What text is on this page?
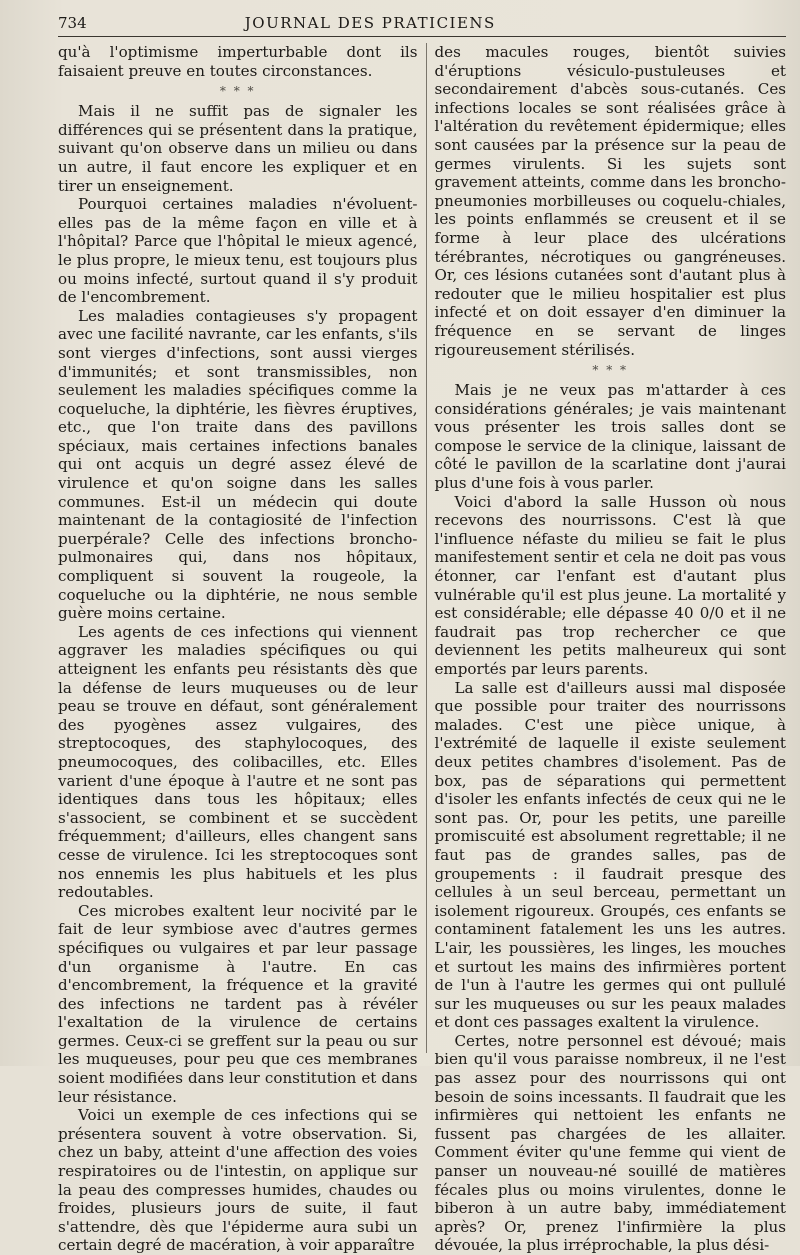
734	JOURNAL DES PRATICIENS

qu'à l'optimisme imperturbable dont ils faisaient preuve en toutes circonstances.

* * *

Mais il ne suffit pas de signaler les différences qui se présentent dans la pratique, suivant qu'on observe dans un milieu ou dans un autre, il faut encore les expliquer et en tirer un enseignement.

Pourquoi certaines maladies n'évoluent-elles pas de la même façon en ville et à l'hôpital? Parce que l'hôpital le mieux agencé, le plus propre, le mieux tenu, est toujours plus ou moins infecté, surtout quand il s'y produit de l'encombrement.

Les maladies contagieuses s'y propagent avec une facilité navrante, car les enfants, s'ils sont vierges d'infections, sont aussi vierges d'immunités; et sont transmissibles, non seulement les maladies spécifiques comme la coqueluche, la diphtérie, les fièvres éruptives, etc., que l'on traite dans des pavillons spéciaux, mais certaines infections banales qui ont acquis un degré assez élevé de virulence et qu'on soigne dans les salles communes. Est-il un médecin qui doute maintenant de la contagiosité de l'infection puerpérale? Celle des infections broncho-pulmonaires qui, dans nos hôpitaux, compliquent si souvent la rougeole, la coqueluche ou la diphtérie, ne nous semble guère moins certaine.

Les agents de ces infections qui viennent aggraver les maladies spécifiques ou qui atteignent les enfants peu résistants dès que la défense de leurs muqueuses ou de leur peau se trouve en défaut, sont généralement des pyogènes assez vulgaires, des streptocoques, des staphylocoques, des pneumocoques, des colibacilles, etc. Elles varient d'une époque à l'autre et ne sont pas identiques dans tous les hôpitaux; elles s'associent, se combinent et se succèdent fréquemment; d'ailleurs, elles changent sans cesse de virulence. Ici les streptocoques sont nos ennemis les plus habituels et les plus redoutables.

Ces microbes exaltent leur nocivité par le fait de leur symbiose avec d'autres germes spécifiques ou vulgaires et par leur passage d'un organisme à l'autre. En cas d'encombrement, la fréquence et la gravité des infections ne tardent pas à révéler l'exaltation de la virulence de certains germes. Ceux-ci se greffent sur la peau ou sur les muqueuses, pour peu que ces membranes soient modifiées dans leur constitution et dans leur résistance.

Voici un exemple de ces infections qui se présentera souvent à votre observation. Si, chez un baby, atteint d'une affection des voies respiratoires ou de l'intestin, on applique sur la peau des compresses humides, chaudes ou froides, plusieurs jours de suite, il faut s'attendre, dès que l'épiderme aura subi un certain degré de macération, à voir apparaître

des macules rouges, bientôt suivies d'éruptions vésiculo-pustuleuses et secondairement d'abcès sous-cutanés. Ces infections locales se sont réalisées grâce à l'altération du revêtement épidermique; elles sont causées par la présence sur la peau de germes virulents. Si les sujets sont gravement atteints, comme dans les broncho-pneumonies morbilleuses ou coquelu-chiales, les points enflammés se creusent et il se forme à leur place des ulcérations térébrantes, nécrotiques ou gangréneuses. Or, ces lésions cutanées sont d'autant plus à redouter que le milieu hospitalier est plus infecté et on doit essayer d'en diminuer la fréquence en se servant de linges rigoureusement stérilisés.

* * *

Mais je ne veux pas m'attarder à ces considérations générales; je vais maintenant vous présenter les trois salles dont se compose le service de la clinique, laissant de côté le pavillon de la scarlatine dont j'aurai plus d'une fois à vous parler.

Voici d'abord la salle Husson où nous recevons des nourrissons. C'est là que l'influence néfaste du milieu se fait le plus manifestement sentir et cela ne doit pas vous étonner, car l'enfant est d'autant plus vulnérable qu'il est plus jeune. La mortalité y est considérable; elle dépasse 40 0/0 et il ne faudrait pas trop rechercher ce que deviennent les petits malheureux qui sont emportés par leurs parents.

La salle est d'ailleurs aussi mal disposée que possible pour traiter des nourrissons malades. C'est une pièce unique, à l'extrémité de laquelle il existe seulement deux petites chambres d'isolement. Pas de box, pas de séparations qui permettent d'isoler les enfants infectés de ceux qui ne le sont pas. Or, pour les petits, une pareille promiscuité est absolument regrettable; il ne faut pas de grandes salles, pas de groupements : il faudrait presque des cellules à un seul berceau, permettant un isolement rigoureux. Groupés, ces enfants se contaminent fatalement les uns les autres. L'air, les poussières, les linges, les mouches et surtout les mains des infirmières portent de l'un à l'autre les germes qui ont pullulé sur les muqueuses ou sur les peaux malades et dont ces passages exaltent la virulence.

Certes, notre personnel est dévoué; mais bien qu'il vous paraisse nombreux, il ne l'est pas assez pour des nourrissons qui ont besoin de soins incessants. Il faudrait que les infirmières qui nettoient les enfants ne fussent pas chargées de les allaiter. Comment éviter qu'une femme qui vient de panser un nouveau-né souillé de matières fécales plus ou moins virulentes, donne le biberon à un autre baby, immédiatement après? Or, prenez l'infirmière la plus dévouée, la plus irréprochable, la plus dési-
